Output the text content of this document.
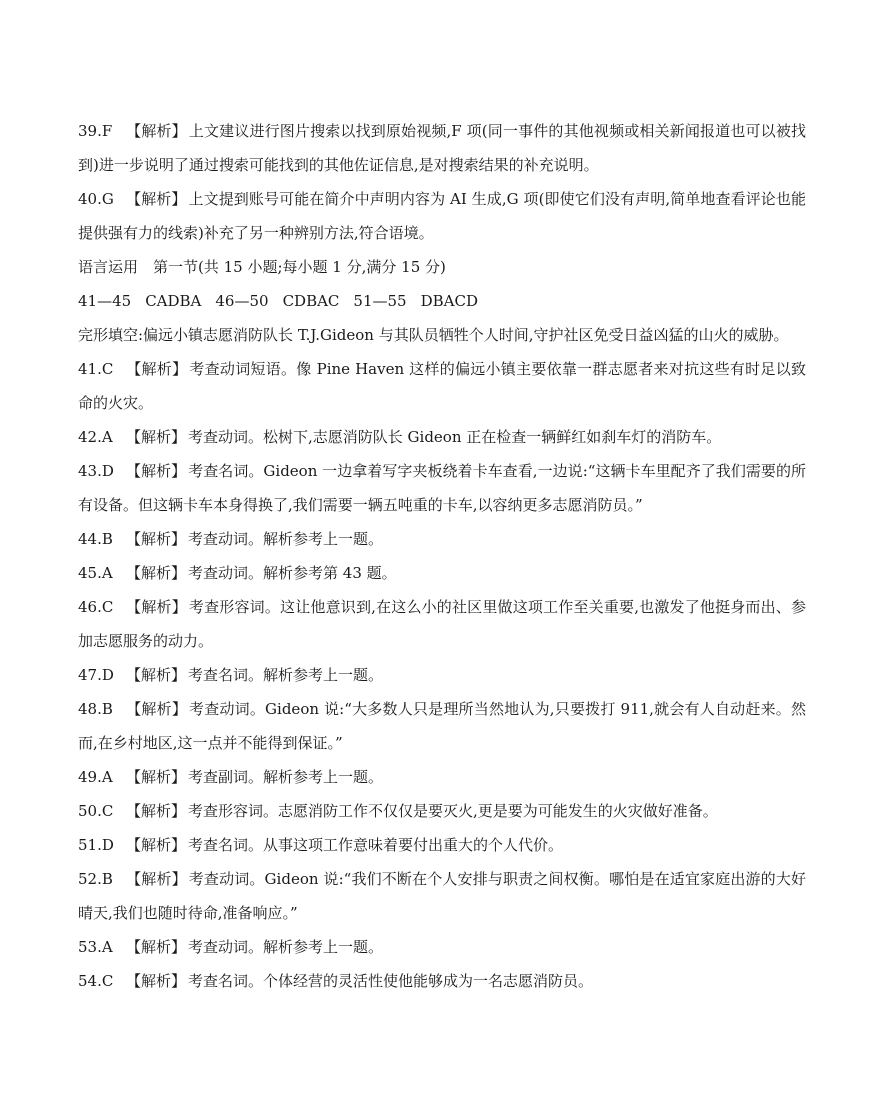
39.F 【解析】 上文建议进行图片搜索以找到原始视频,F 项(同一事件的其他视频或相关新闻报道也可以被找到)进一步说明了通过搜索可能找到的其他佐证信息,是对搜索结果的补充说明。

40.G 【解析】 上文提到账号可能在简介中声明内容为 AI 生成,G 项(即使它们没有声明,简单地查看评论也能提供强有力的线索)补充了另一种辨别方法,符合语境。

语言运用　第一节(共 15 小题;每小题 1 分,满分 15 分)

41—45 CADBA 46—50 CDBAC 51—55 DBACD

完形填空:偏远小镇志愿消防队长 T.J.Gideon 与其队员牺牲个人时间,守护社区免受日益凶猛的山火的威胁。

41.C 【解析】 考查动词短语。像 Pine Haven 这样的偏远小镇主要依靠一群志愿者来对抗这些有时足以致命的火灾。

42.A 【解析】 考查动词。松树下,志愿消防队长 Gideon 正在检查一辆鲜红如刹车灯的消防车。

43.D 【解析】 考查名词。Gideon 一边拿着写字夹板绕着卡车查看,一边说:“这辆卡车里配齐了我们需要的所有设备。但这辆卡车本身得换了,我们需要一辆五吨重的卡车,以容纳更多志愿消防员。”

44.B 【解析】 考查动词。解析参考上一题。

45.A 【解析】 考查动词。解析参考第 43 题。

46.C 【解析】 考查形容词。这让他意识到,在这么小的社区里做这项工作至关重要,也激发了他挺身而出、参加志愿服务的动力。

47.D 【解析】 考查名词。解析参考上一题。

48.B 【解析】 考查动词。Gideon 说:“大多数人只是理所当然地认为,只要拨打 911,就会有人自动赶来。然而,在乡村地区,这一点并不能得到保证。”

49.A 【解析】 考查副词。解析参考上一题。

50.C 【解析】 考查形容词。志愿消防工作不仅仅是要灭火,更是要为可能发生的火灾做好准备。

51.D 【解析】 考查名词。从事这项工作意味着要付出重大的个人代价。

52.B 【解析】 考查动词。Gideon 说:“我们不断在个人安排与职责之间权衡。哪怕是在适宜家庭出游的大好晴天,我们也随时待命,准备响应。”

53.A 【解析】 考查动词。解析参考上一题。

54.C 【解析】 考查名词。个体经营的灵活性使他能够成为一名志愿消防员。
